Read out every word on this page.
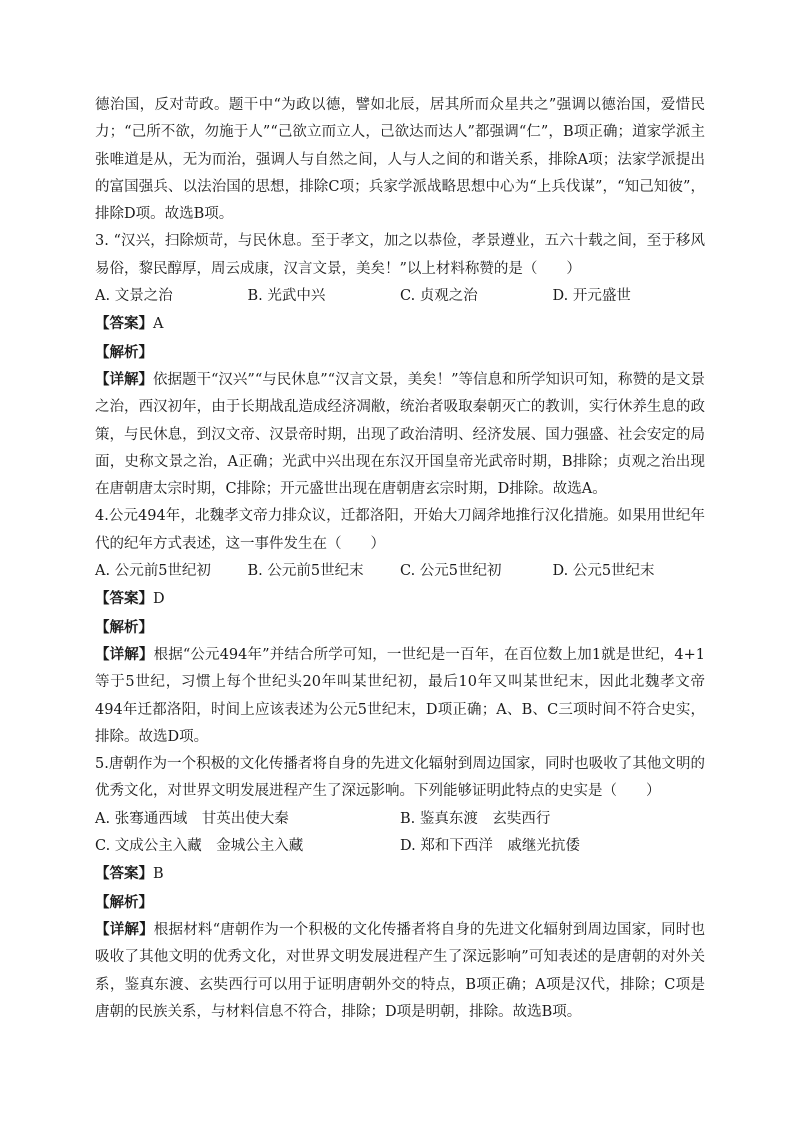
德治国，反对苛政。题干中“为政以德，譬如北辰，居其所而众星共之”强调以德治国，爱惜民力；“己所不欲，勿施于人”“己欲立而立人，己欲达而达人”都强调“仁”，B项正确；道家学派主张唯道是从，无为而治，强调人与自然之间，人与人之间的和谐关系，排除A项；法家学派提出的富国强兵、以法治国的思想，排除C项；兵家学派战略思想中心为“上兵伐谋”，“知己知彼”，排除D项。故选B项。

3. “汉兴，扫除烦苛，与民休息。至于孝文，加之以恭俭，孝景遵业，五六十载之间，至于移风易俗，黎民醇厚，周云成康，汉言文景，美矣！”以上材料称赞的是（　　）

A. 文景之治	B. 光武中兴	C. 贞观之治	D. 开元盛世

【答案】A

【解析】

【详解】依据题干“汉兴”“与民休息”“汉言文景，美矣！”等信息和所学知识可知，称赞的是文景之治，西汉初年，由于长期战乱造成经济凋敝，统治者吸取秦朝灭亡的教训，实行休养生息的政策，与民休息，到汉文帝、汉景帝时期，出现了政治清明、经济发展、国力强盛、社会安定的局面，史称文景之治，A正确；光武中兴出现在东汉开国皇帝光武帝时期，B排除；贞观之治出现在唐朝唐太宗时期，C排除；开元盛世出现在唐朝唐玄宗时期，D排除。故选A。

4.公元494年，北魏孝文帝力排众议，迁都洛阳，开始大刀阔斧地推行汉化措施。如果用世纪年代的纪年方式表述，这一事件发生在（　　）

A. 公元前5世纪初	B. 公元前5世纪末	C. 公元5世纪初	D. 公元5世纪末

【答案】D

【解析】

【详解】根据“公元494年”并结合所学可知，一世纪是一百年，在百位数上加1就是世纪，4+1等于5世纪，习惯上每个世纪头20年叫某世纪初，最后10年又叫某世纪末，因此北魏孝文帝494年迁都洛阳，时间上应该表述为公元5世纪末，D项正确；A、B、C三项时间不符合史实，排除。故选D项。

5.唐朝作为一个积极的文化传播者将自身的先进文化辐射到周边国家，同时也吸收了其他文明的优秀文化，对世界文明发展进程产生了深远影响。下列能够证明此特点的史实是（　　）

A. 张骞通西域　甘英出使大秦	B. 鉴真东渡　玄奘西行
C. 文成公主入藏　金城公主入藏	D. 郑和下西洋　戚继光抗倭

【答案】B

【解析】

【详解】根据材料“唐朝作为一个积极的文化传播者将自身的先进文化辐射到周边国家，同时也吸收了其他文明的优秀文化，对世界文明发展进程产生了深远影响”可知表述的是唐朝的对外关系，鉴真东渡、玄奘西行可以用于证明唐朝外交的特点，B项正确；A项是汉代，排除；C项是唐朝的民族关系，与材料信息不符合，排除；D项是明朝，排除。故选B项。
